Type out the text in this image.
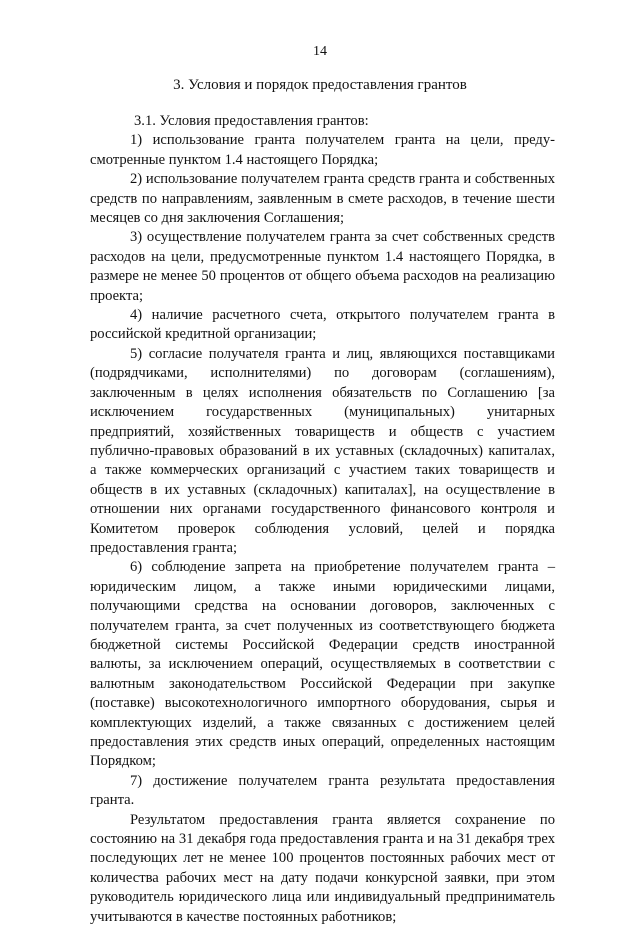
14
3. Условия и порядок предоставления грантов

3.1. Условия предоставления грантов:

1) использование гранта получателем гранта на цели, преду-смотренные пунктом 1.4 настоящего Порядка;

2) использование получателем гранта средств гранта и собственных средств по направлениям, заявленным в смете расходов, в течение шести месяцев со дня заключения Соглашения;

3) осуществление получателем гранта за счет собственных средств расходов на цели, предусмотренные пунктом 1.4 настоящего Порядка, в размере не менее 50 процентов от общего объема расходов на реализацию проекта;

4) наличие расчетного счета, открытого получателем гранта в российской кредитной организации;

5) согласие получателя гранта и лиц, являющихся поставщиками (подрядчиками, исполнителями) по договорам (соглашениям), заключенным в целях исполнения обязательств по Соглашению [за исключением государственных (муниципальных) унитарных предприятий, хозяйственных товариществ и обществ с участием публично-правовых образований в их уставных (складочных) капиталах, а также коммерческих организаций с участием таких товариществ и обществ в их уставных (складочных) капиталах], на осуществление в отношении них органами государственного финансового контроля и Комитетом проверок соблюдения условий, целей и порядка предоставления гранта;

6) соблюдение запрета на приобретение получателем гранта – юридическим лицом, а также иными юридическими лицами, получающими средства на основании договоров, заключенных с получателем гранта, за счет полученных из соответствующего бюджета бюджетной системы Российской Федерации средств иностранной валюты, за исключением операций, осуществляемых в соответствии с валютным законодательством Российской Федерации при закупке (поставке) высокотехнологичного импортного оборудования, сырья и комплектующих изделий, а также связанных с достижением целей предоставления этих средств иных операций, определенных настоящим Порядком;

7) достижение получателем гранта результата предоставления гранта.

Результатом предоставления гранта является сохранение по состоянию на 31 декабря года предоставления гранта и на 31 декабря трех последующих лет не менее 100 процентов постоянных рабочих мест от количества рабочих мест на дату подачи конкурсной заявки, при этом руководитель юридического лица или индивидуальный предприниматель учитываются в качестве постоянных работников;
